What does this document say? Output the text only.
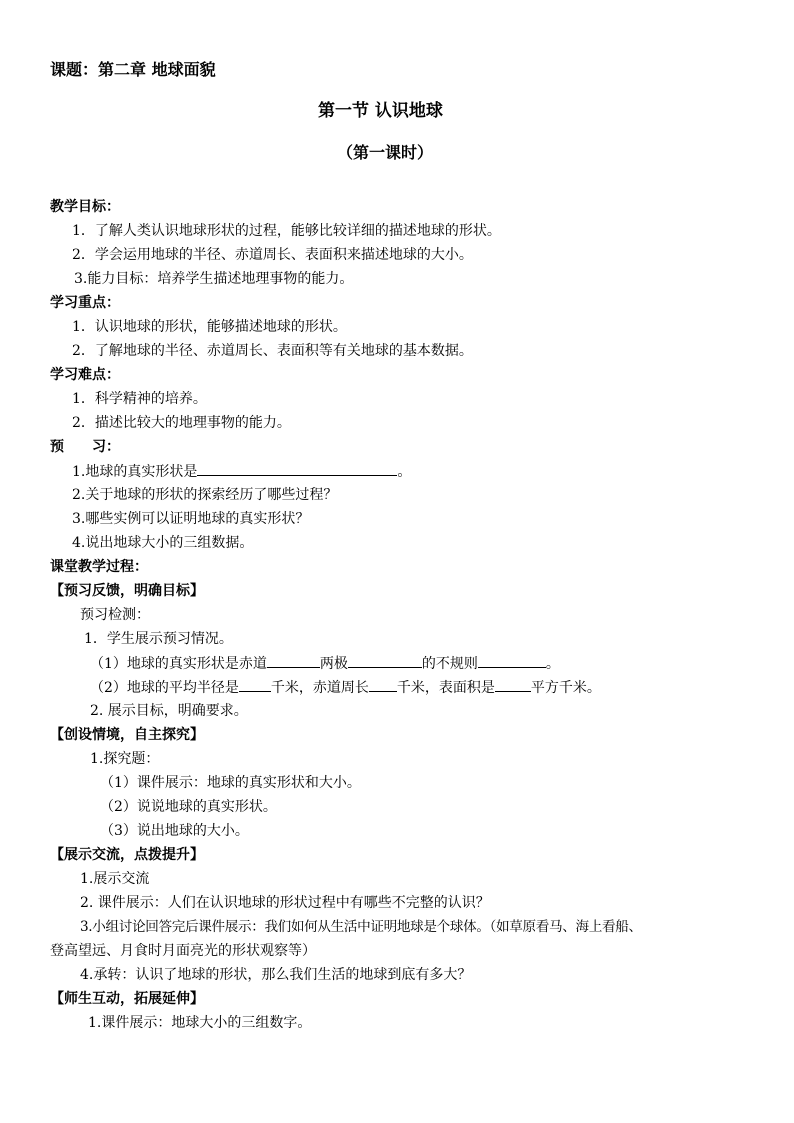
课题：第二章 地球面貌
第一节 认识地球
（第一课时）
教学目标：
1．了解人类认识地球形状的过程，能够比较详细的描述地球的形状。
2．学会运用地球的半径、赤道周长、表面积来描述地球的大小。
3.能力目标：培养学生描述地理事物的能力。
学习重点：
1．认识地球的形状，能够描述地球的形状。
2．了解地球的半径、赤道周长、表面积等有关地球的基本数据。
学习难点：
1．科学精神的培养。
2．描述比较大的地理事物的能力。
预　　习：
1.地球的真实形状是	。
2.关于地球的形状的探索经历了哪些过程？
3.哪些实例可以证明地球的真实形状？
4.说出地球大小的三组数据。
课堂教学过程：
【预习反馈，明确目标】
预习检测：
1．学生展示预习情况。
（1）地球的真实形状是赤道	两极	的不规则	。
（2）地球的平均半径是 千米，赤道周长 千米，表面积是	平方千米。
2. 展示目标，明确要求。
【创设情境，自主探究】
1.探究题：
（1）课件展示：地球的真实形状和大小。
（2）说说地球的真实形状。
（3）说出地球的大小。
【展示交流，点拨提升】
1.展示交流
2. 课件展示：人们在认识地球的形状过程中有哪些不完整的认识？
3.小组讨论回答完后课件展示：我们如何从生活中证明地球是个球体。（如草原看马、海上看船、
登高望远、月食时月面亮光的形状观察等）
4.承转：认识了地球的形状，那么我们生活的地球到底有多大？
【师生互动，拓展延伸】
1.课件展示：地球大小的三组数字。
